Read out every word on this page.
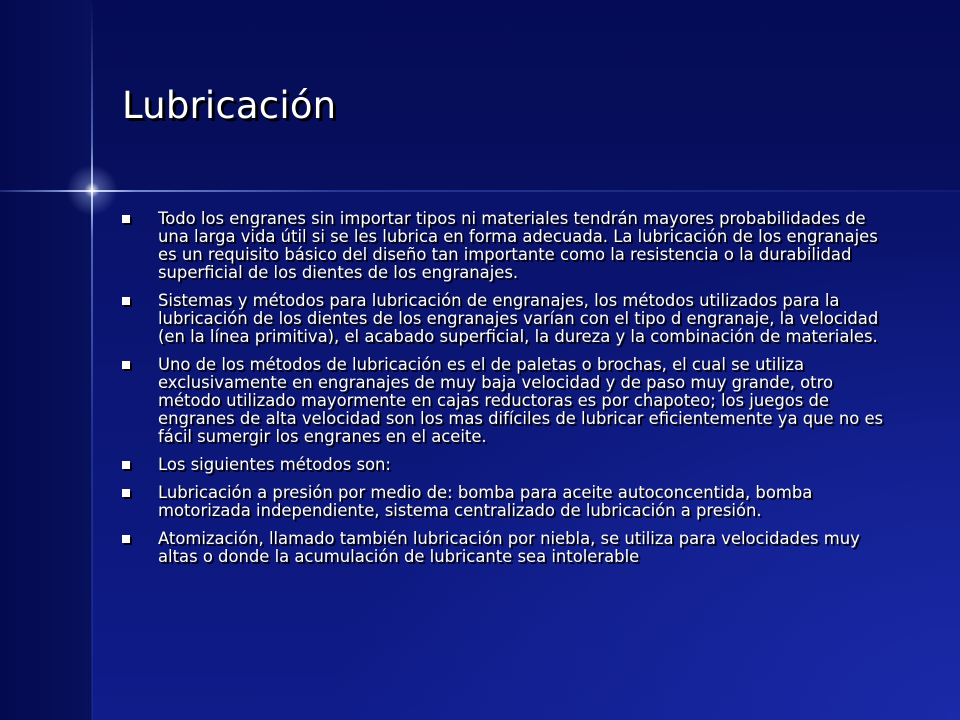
Lubricación
Todo los engranes sin importar tipos ni materiales tendrán mayores probabilidades de una larga vida útil si se les lubrica en forma adecuada. La lubricación de los engranajes es un requisito básico del diseño tan importante como la resistencia o la durabilidad superficial de los dientes de los engranajes.
Sistemas y métodos para lubricación de engranajes, los métodos utilizados para la lubricación de los dientes de los engranajes varían con el tipo d engranaje, la velocidad (en la línea primitiva), el acabado superficial, la dureza y la combinación de materiales.
Uno de los métodos de lubricación es el de paletas o brochas, el cual se utiliza exclusivamente en engranajes de muy baja velocidad y de paso muy grande, otro método utilizado mayormente en cajas reductoras es por chapoteo; los juegos de engranes de alta velocidad son los mas difíciles de lubricar eficientemente ya que no es fácil sumergir los engranes en el aceite.
Los siguientes métodos son:
Lubricación a presión por medio de: bomba para aceite autoconcentida, bomba motorizada independiente, sistema centralizado de lubricación a presión.
Atomización, llamado también lubricación por niebla, se utiliza para velocidades muy altas o donde la acumulación de lubricante sea intolerable
